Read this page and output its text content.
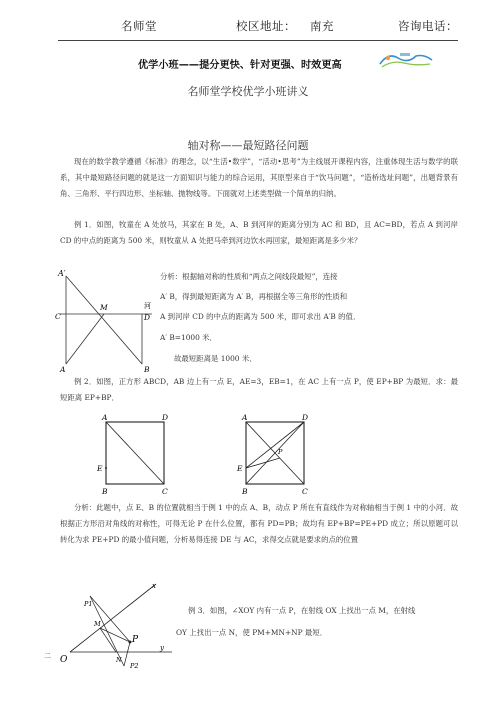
名师堂	校区地址： 南充	咨询电话：
优学小班——提分更快、针对更强、时效更高
名师堂学校优学小班讲义
轴对称——最短路径问题
现在的数学教学遵循《标准》的理念，以“生活•数学”，“活动•思考”为主线展开课程内容，注重体现生活与数学的联系，其中最短路径问题的就是这一方面知识与能力的综合运用，其原型来自于“饮马问题”，“造桥选址问题”，出题背景有角、三角形、平行四边形、坐标轴、抛物线等。下面就对上述类型做一个简单的归纳。
例 1．如图，牧童在 A 处放马，其家在 B 处，A、B 到河岸的距离分别为 AC 和 BD，且 AC=BD，若点 A 到河岸 CD 的中点的距离为 500 米，则牧童从 A 处把马牵到河边饮水再回家，最短距离是多少米？
A′
M
C	D
河
A	B
分析：根据轴对称的性质和“两点之间线段最短”，连接
A′ B，得到最短距离为 A′ B，再根据全等三角形的性质和
A 到河岸 CD 的中点的距离为 500 米，即可求出 A′B 的值．
A′ B=1000 米．
故最短距离是 1000 米．
例 2．如图，正方形 ABCD，AB 边上有一点 E，AE=3，EB=1，在 AC 上有一点 P，使 EP+BP 为最短．求：最短距离 EP+BP．
A	D
E
B	C
A	D
P
E
B	C
分析：此题中，点 E、B 的位置就相当于例 1 中的点 A、B，动点 P 所在有直线作为对称轴相当于例 1 中的小河．故根据正方形沿对角线的对称性，可得无论 P 在什么位置，都有 PD=PB；故均有 EP+BP=PE+PD 成立；所以原题可以转化为求 PE+PD 的最小值问题，分析易得连接 DE 与 AC，求得交点就是要求的点的位置
x
y
O
P1
M
P
N
P2
二
例 3．如图，∠XOY 内有一点 P，在射线 OX 上找出一点 M，在射线
OY 上找出一点 N，使 PM+MN+NP 最短．
